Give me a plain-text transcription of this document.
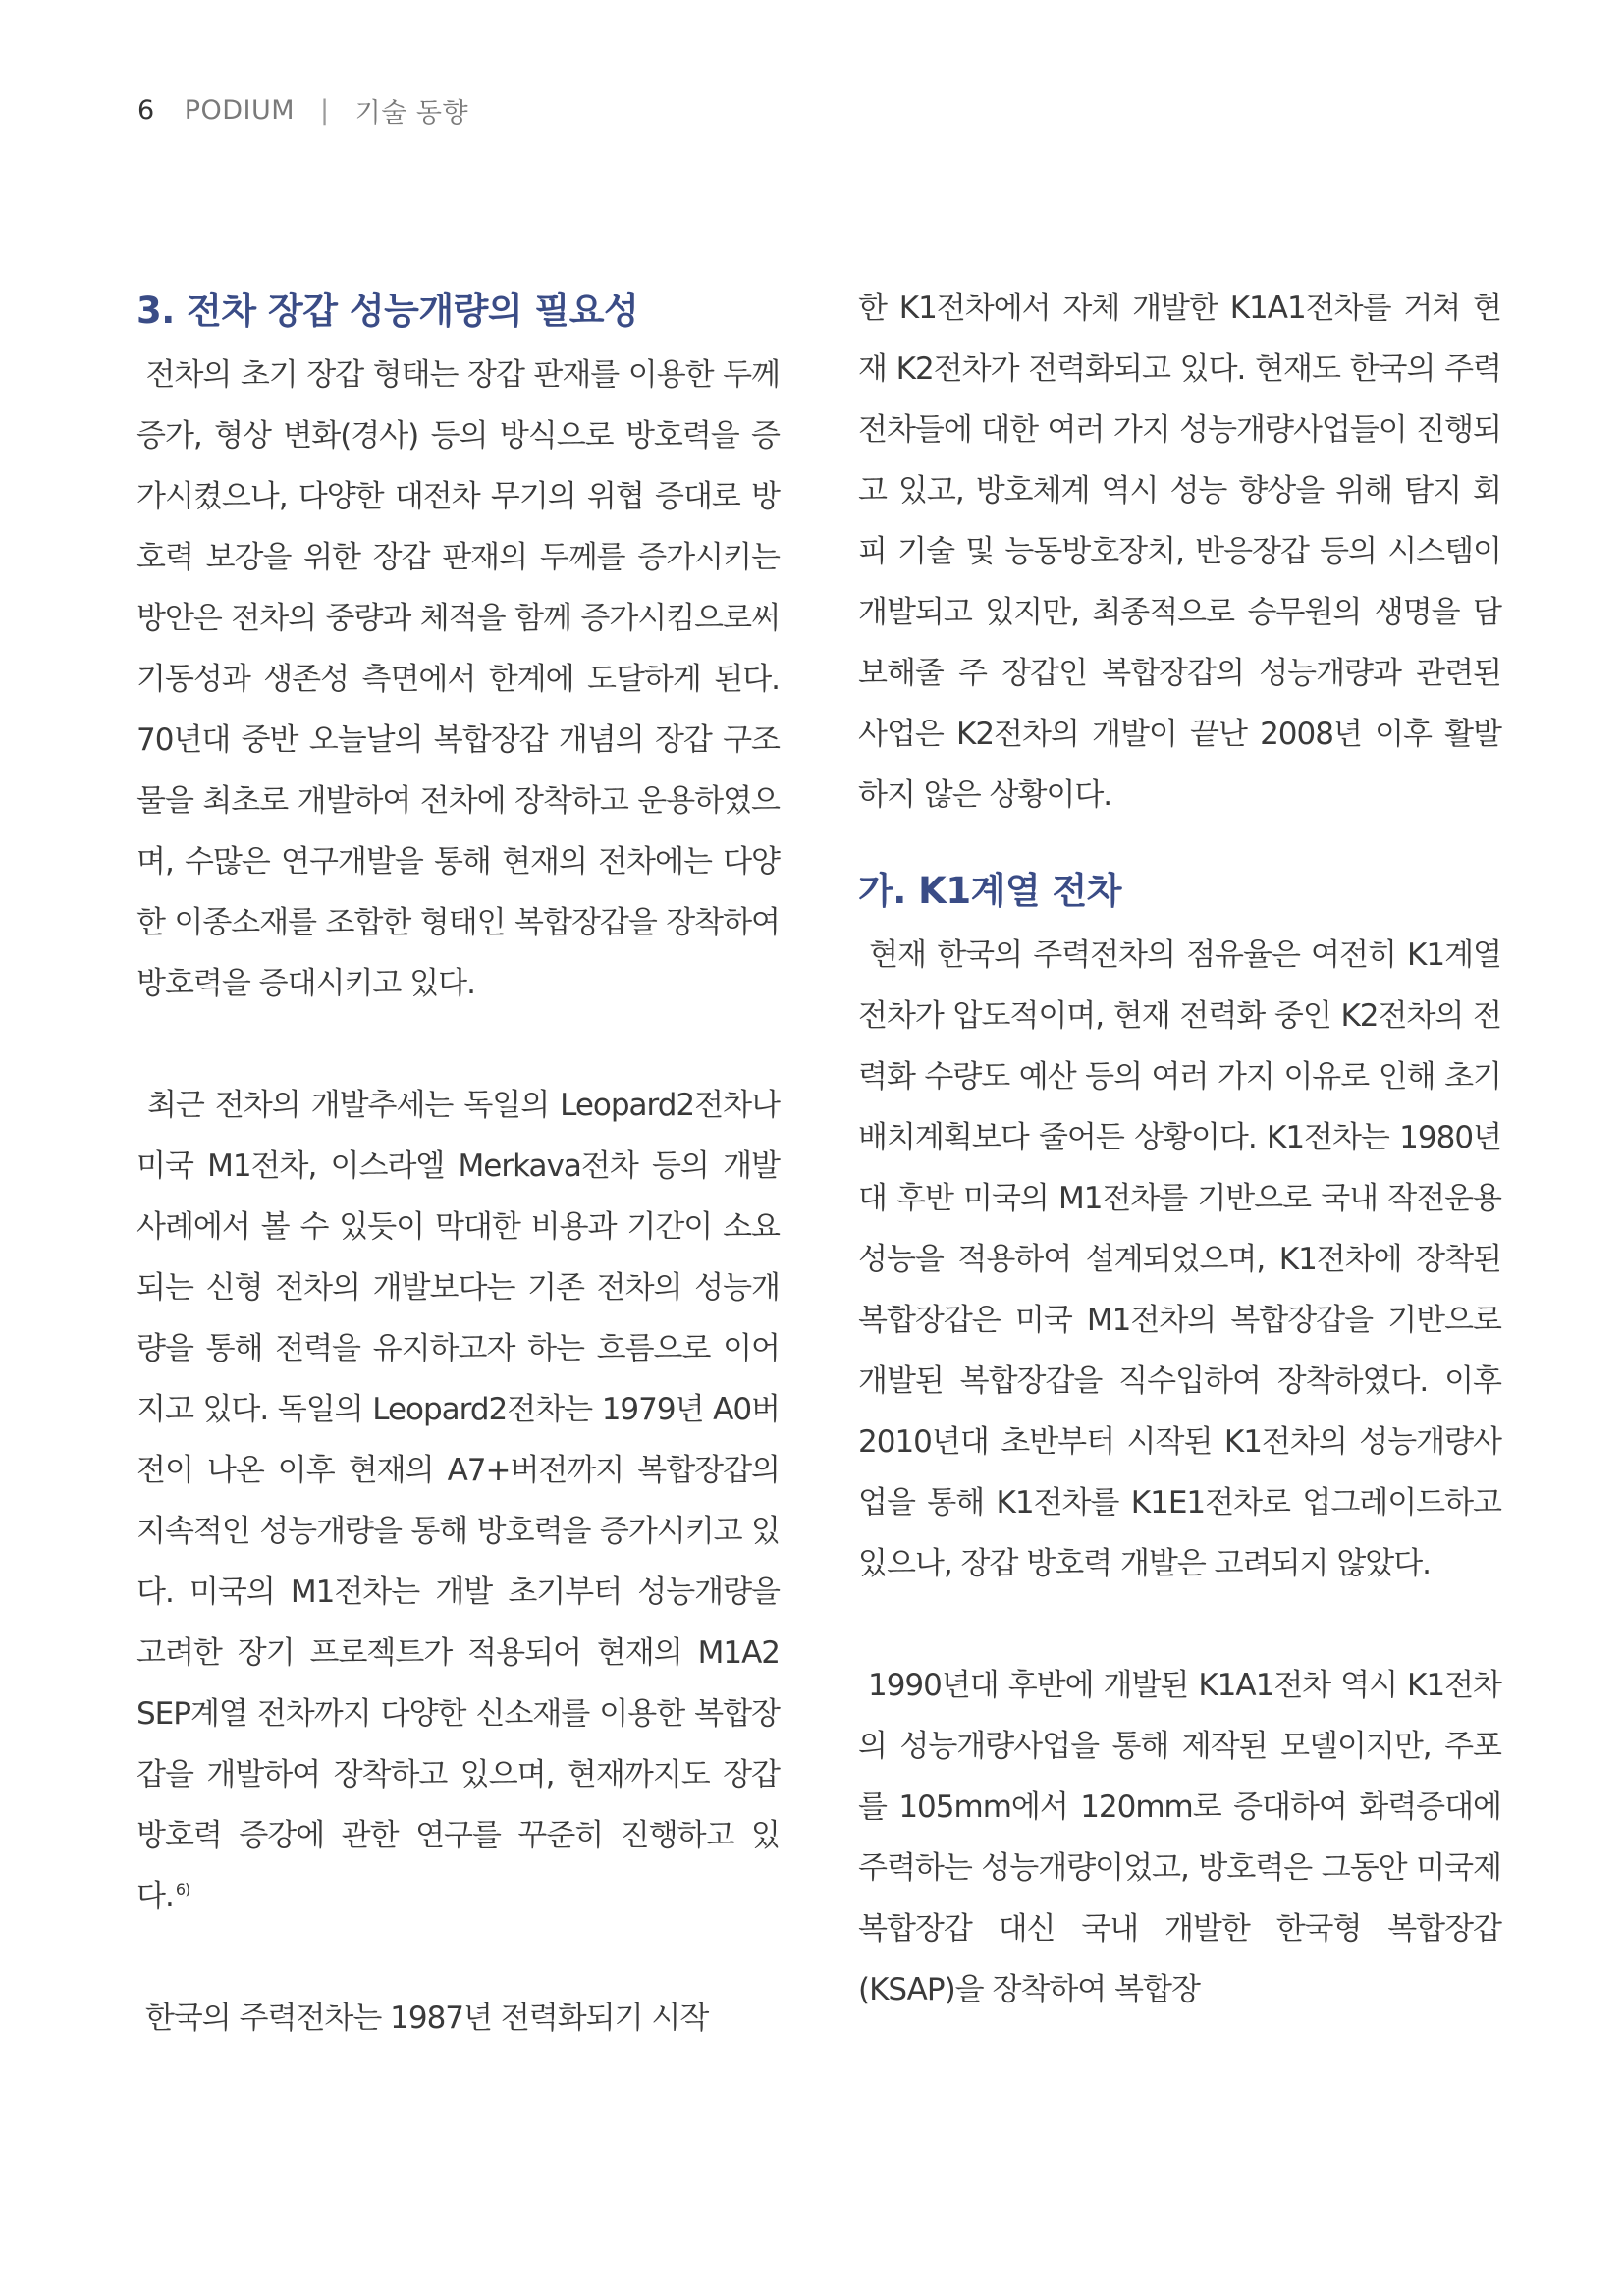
6 PODIUM | 기술 동향
3. 전차 장갑 성능개량의 필요성

전차의 초기 장갑 형태는 장갑 판재를 이용한 두께 증가, 형상 변화(경사) 등의 방식으로 방호력을 증가시켰으나, 다양한 대전차 무기의 위협 증대로 방호력 보강을 위한 장갑 판재의 두께를 증가시키는 방안은 전차의 중량과 체적을 함께 증가시킴으로써 기동성과 생존성 측면에서 한계에 도달하게 된다. 70년대 중반 오늘날의 복합장갑 개념의 장갑 구조물을 최초로 개발하여 전차에 장착하고 운용하였으며, 수많은 연구개발을 통해 현재의 전차에는 다양한 이종소재를 조합한 형태인 복합장갑을 장착하여 방호력을 증대시키고 있다.

최근 전차의 개발추세는 독일의 Leopard2전차나 미국 M1전차, 이스라엘 Merkava전차 등의 개발 사례에서 볼 수 있듯이 막대한 비용과 기간이 소요되는 신형 전차의 개발보다는 기존 전차의 성능개량을 통해 전력을 유지하고자 하는 흐름으로 이어지고 있다. 독일의 Leopard2전차는 1979년 A0버전이 나온 이후 현재의 A7+버전까지 복합장갑의 지속적인 성능개량을 통해 방호력을 증가시키고 있다. 미국의 M1전차는 개발 초기부터 성능개량을 고려한 장기 프로젝트가 적용되어 현재의 M1A2 SEP계열 전차까지 다양한 신소재를 이용한 복합장갑을 개발하여 장착하고 있으며, 현재까지도 장갑 방호력 증강에 관한 연구를 꾸준히 진행하고 있다. $^{6)}$

한국의 주력전차는 1987년 전력화되기 시작

한 K1전차에서 자체 개발한 K1A1전차를 거쳐 현재 K2전차가 전력화되고 있다. 현재도 한국의 주력전차들에 대한 여러 가지 성능개량사업들이 진행되고 있고, 방호체계 역시 성능 향상을 위해 탐지 회피 기술 및 능동방호장치, 반응장갑 등의 시스템이 개발되고 있지만, 최종적으로 승무원의 생명을 담보해줄 주 장갑인 복합장갑의 성능개량과 관련된 사업은 K2전차의 개발이 끝난 2008년 이후 활발하지 않은 상황이다.

가. K1계열 전차

현재 한국의 주력전차의 점유율은 여전히 K1계열 전차가 압도적이며, 현재 전력화 중인 K2전차의 전력화 수량도 예산 등의 여러 가지 이유로 인해 초기 배치계획보다 줄어든 상황이다. K1전차는 1980년대 후반 미국의 M1전차를 기반으로 국내 작전운용성능을 적용하여 설계되었으며, K1전차에 장착된 복합장갑은 미국 M1전차의 복합장갑을 기반으로 개발된 복합장갑을 직수입하여 장착하였다. 이후 2010년대 초반부터 시작된 K1전차의 성능개량사업을 통해 K1전차를 K1E1전차로 업그레이드하고 있으나, 장갑 방호력 개발은 고려되지 않았다.

1990년대 후반에 개발된 K1A1전차 역시 K1전차의 성능개량사업을 통해 제작된 모델이지만, 주포를 105mm에서 120mm로 증대하여 화력증대에 주력하는 성능개량이었고, 방호력은 그동안 미국제 복합장갑 대신 국내 개발한 한국형 복합장갑(KSAP)을 장착하여 복합장
